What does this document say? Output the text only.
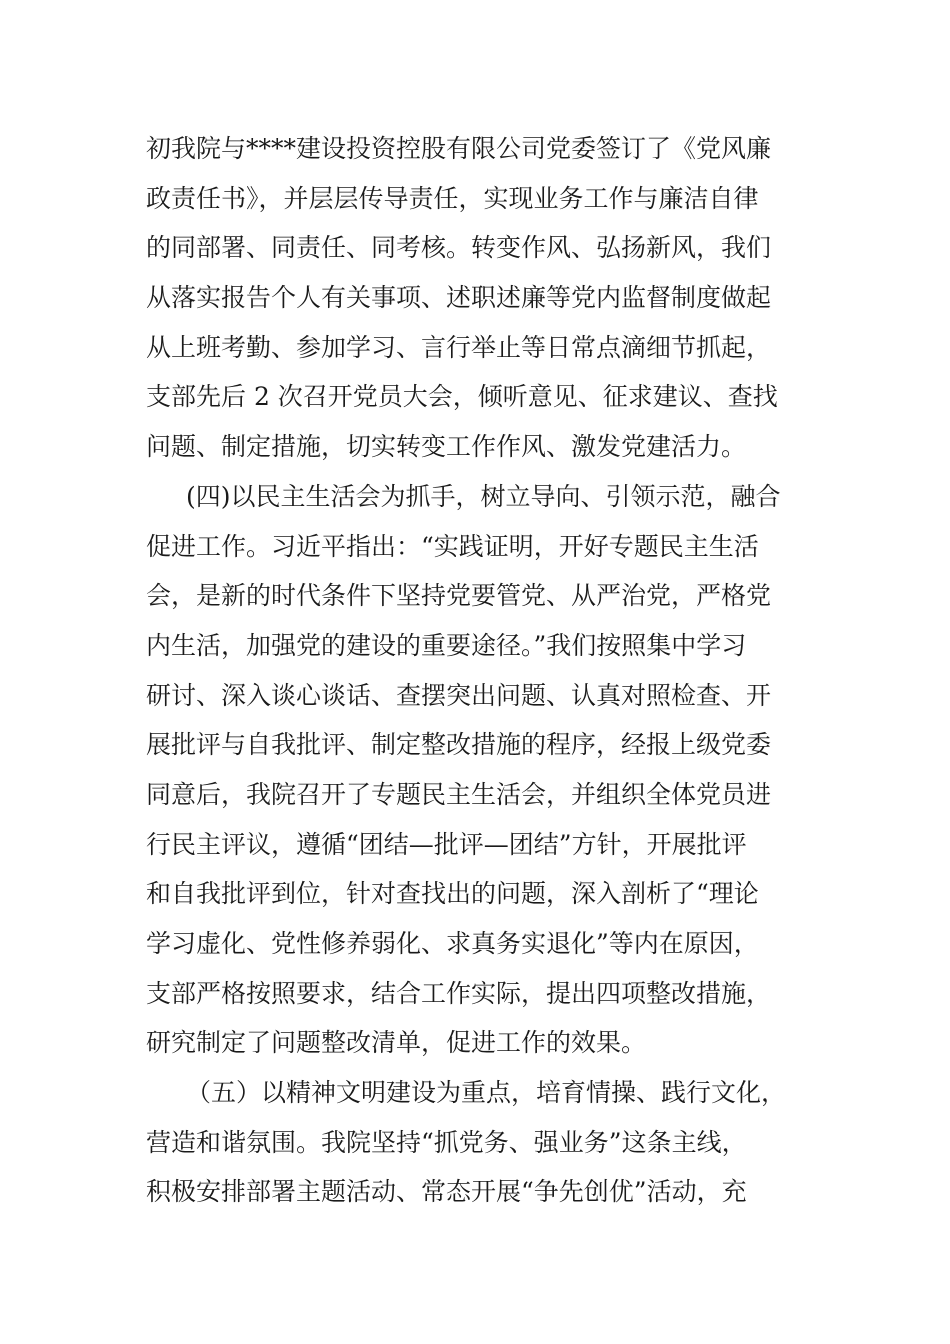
初我院与****建设投资控股有限公司党委签订了《党风廉
政责任书》，并层层传导责任，实现业务工作与廉洁自律
的同部署、同责任、同考核。转变作风、弘扬新风，我们
从落实报告个人有关事项、述职述廉等党内监督制度做起
从上班考勤、参加学习、言行举止等日常点滴细节抓起，
支部先后 2 次召开党员大会，倾听意见、征求建议、查找
问题、制定措施，切实转变工作作风、激发党建活力。

(四)以民主生活会为抓手，树立导向、引领示范，融合
促进工作。习近平指出：“实践证明，开好专题民主生活
会，是新的时代条件下坚持党要管党、从严治党，严格党
内生活，加强党的建设的重要途径。”我们按照集中学习
研讨、深入谈心谈话、查摆突出问题、认真对照检查、开
展批评与自我批评、制定整改措施的程序，经报上级党委
同意后，我院召开了专题民主生活会，并组织全体党员进
行民主评议，遵循“团结—批评—团结”方针，开展批评
和自我批评到位，针对查找出的问题，深入剖析了“理论
学习虚化、党性修养弱化、求真务实退化”等内在原因，
支部严格按照要求，结合工作实际，提出四项整改措施，
研究制定了问题整改清单，促进工作的效果。

（五）以精神文明建设为重点，培育情操、践行文化，
营造和谐氛围。我院坚持“抓党务、强业务”这条主线，
积极安排部署主题活动、常态开展“争先创优”活动，充
